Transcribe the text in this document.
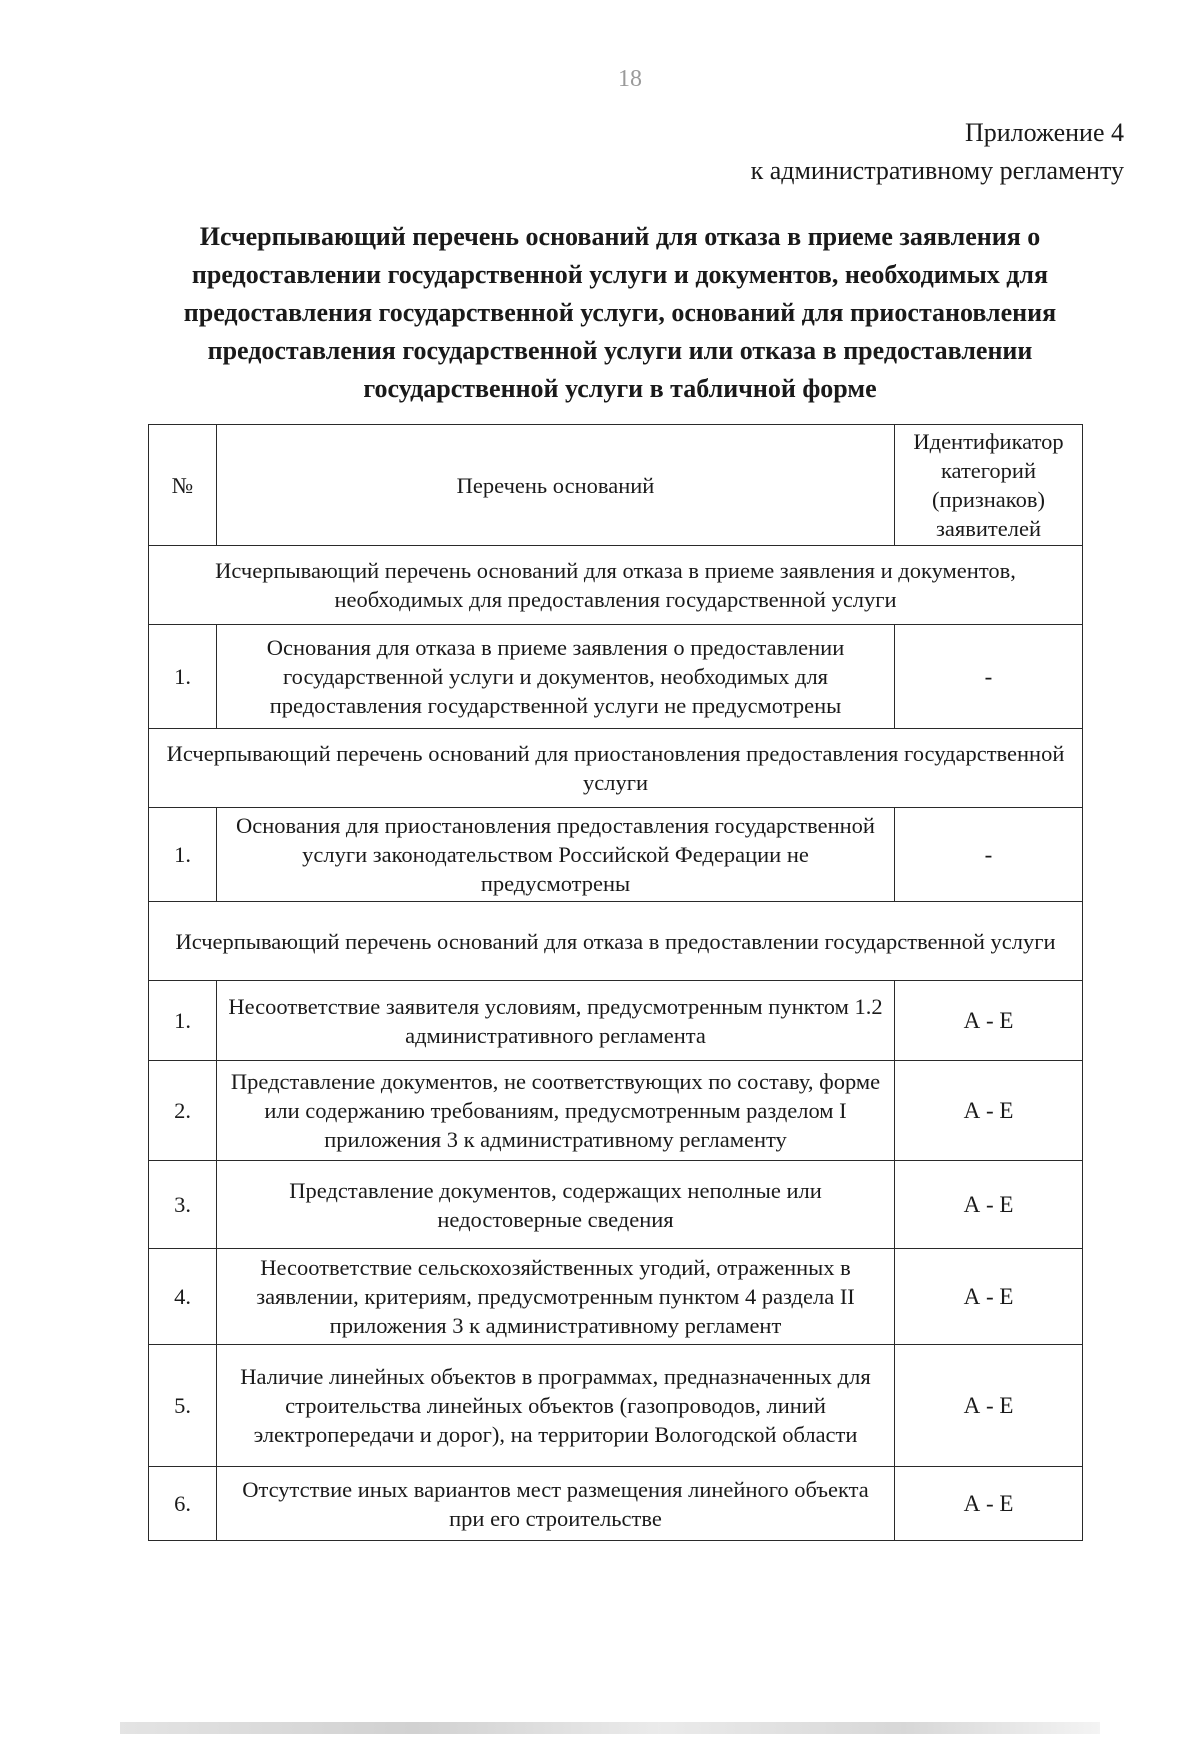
18
Приложение 4
к административному регламенту
Исчерпывающий перечень оснований для отказа в приеме заявления о предоставлении государственной услуги и документов, необходимых для предоставления государственной услуги, оснований для приостановления предоставления государственной услуги или отказа в предоставлении государственной услуги в табличной форме
№	Перечень оснований	Идентификатор категорий (признаков) заявителей
Исчерпывающий перечень оснований для отказа в приеме заявления и документов, необходимых для предоставления государственной услуги		
1.	Основания для отказа в приеме заявления о предоставлении государственной услуги и документов, необходимых для предоставления государственной услуги не предусмотрены	-
Исчерпывающий перечень оснований для приостановления предоставления государственной услуги		
1.	Основания для приостановления предоставления государственной услуги законодательством Российской Федерации не предусмотрены	-
Исчерпывающий перечень оснований для отказа в предоставлении государственной услуги		
1.	Несоответствие заявителя условиям, предусмотренным пунктом 1.2 административного регламента	А - Е
2.	Представление документов, не соответствующих по составу, форме или содержанию требованиям, предусмотренным разделом I приложения 3 к административному регламенту	А - Е
3.	Представление документов, содержащих неполные или недостоверные сведения	А - Е
4.	Несоответствие сельскохозяйственных угодий, отраженных в заявлении, критериям, предусмотренным пунктом 4 раздела II приложения 3 к административному регламент	А - Е
5.	Наличие линейных объектов в программах, предназначенных для строительства линейных объектов (газопроводов, линий электропередачи и дорог), на территории Вологодской области	А - Е
6.	Отсутствие иных вариантов мест размещения линейного объекта при его строительстве	А - Е
